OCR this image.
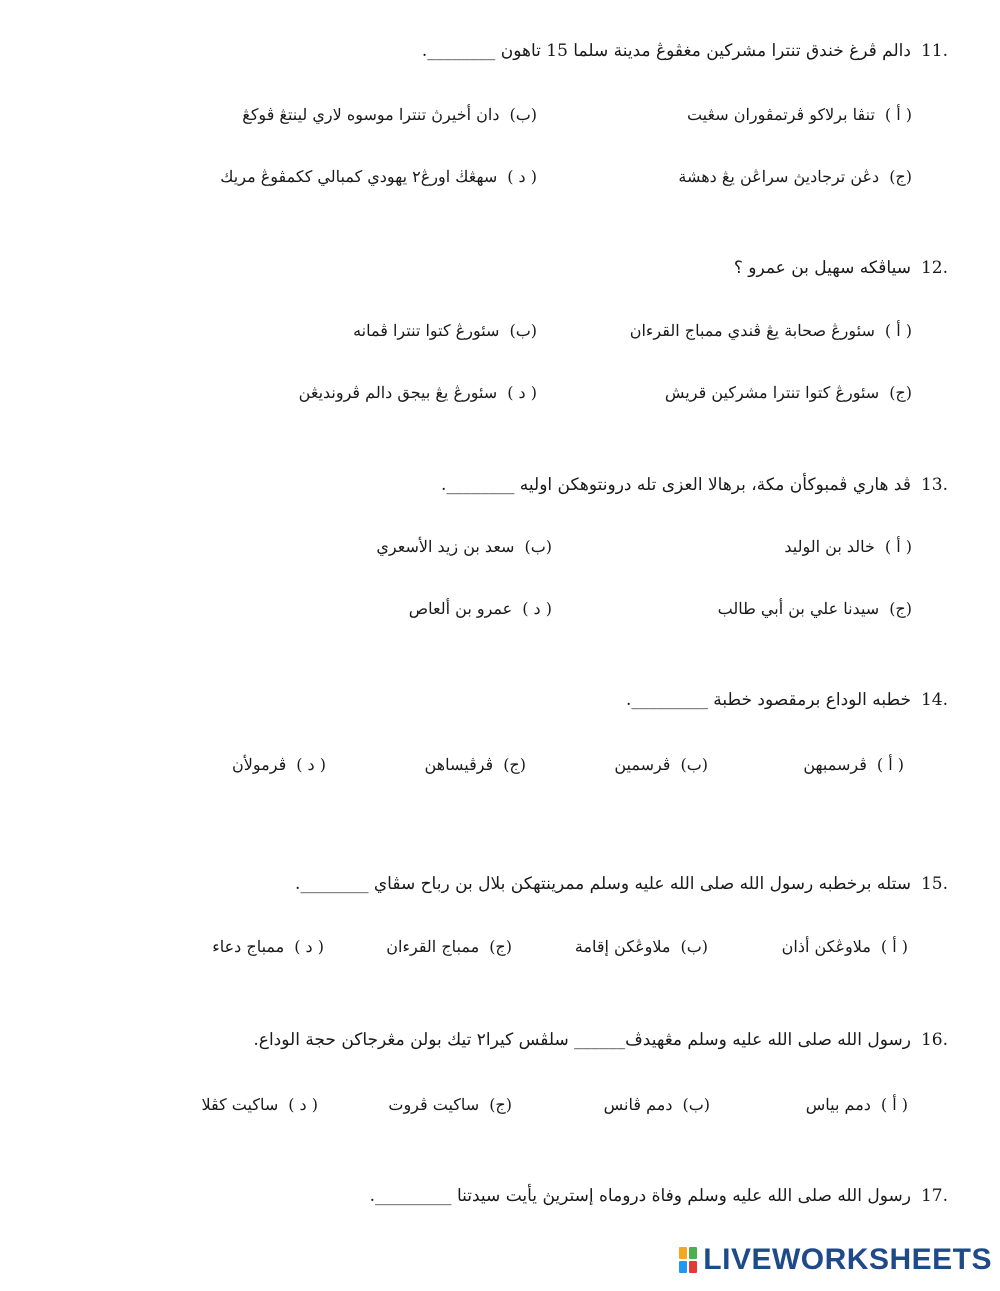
11.دالم ڤرغ خندق تنترا مشركين مغڤوڠ مدينة سلما 15 تاهون ________.
( أ )تنڤا برلاكو ڤرتمڤوران سڠيت
(ب)دان أخيرڽ تنترا موسوه لاري لينتڠ ڤوكڠ
(ج)دڠن ترجاديڽ سراڠن يڠ دهشة
( د )سهڠڬ اورڠ٢ يهودي كمبالي ككمڤوڠ مريك
12.سياڤكه سهيل بن عمرو ؟
( أ )سئورڠ صحابة يڠ ڤندي ممباج القرءان
(ب)سئورڠ كتوا تنترا ڤمانه
(ج)سئورڠ كتوا تنترا مشركين قريش
( د )سئورڠ يڠ بيجق دالم ڤرونديڠن
13.ڤد هاري ڤمبوكأن مكة، برهالا العزى تله درونتوهكن اوليه ________.
( أ )خالد بن الوليد
(ب)سعد بن زيد الأسعري
(ج)سيدنا علي بن أبي طالب
( د )عمرو بن ألعاص
14.خطبه الوداع برمقصود خطبة _________.
( أ )ڤرسمبهن
(ب)ڤرسمين
(ج)ڤرڤيساهن
( د )ڤرمولأن
15.ستله برخطبه رسول الله صلى الله عليه وسلم ممرينتهكن بلال بن رباح سڤاي ________.
( أ )ملاوڠكن أذان
(ب)ملاوڠكن إقامة
(ج)ممباج القرءان
( د )ممباج دعاء
16.رسول الله صلى الله عليه وسلم مڠهيدڤ______ سلڤس كيرا٢ تيك بولن مڠرجاكن حجة الوداع.
( أ )دمم بياس
(ب)دمم ڤانس
(ج)ساكيت ڤروت
( د )ساكيت كڤلا
17.رسول الله صلى الله عليه وسلم وفاة دروماه إستريڽ يأيت سيدتنا _________.
LIVEWORKSHEETS
